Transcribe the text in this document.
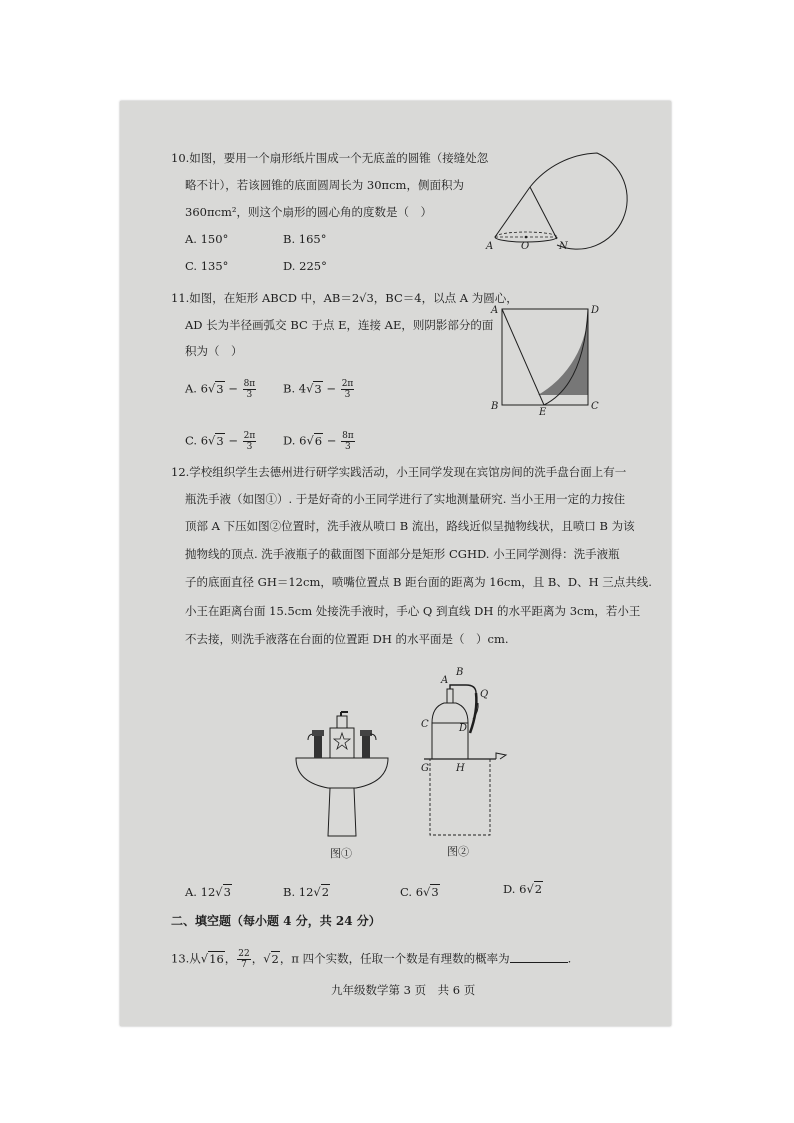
10.如图，要用一个扇形纸片围成一个无底盖的圆锥（接缝处忽
略不计），若该圆锥的底面圆周长为 30πcm，侧面积为
360πcm²，则这个扇形的圆心角的度数是（　）
A. 150°	B. 165°
C. 135°	D. 225°
A	O	N
11.如图，在矩形 ABCD 中，AB＝2√3，BC＝4，以点 A 为圆心，
AD 长为半径画弧交 BC 于点 E，连接 AE，则阴影部分的面
积为（　）
A. $6√3 - \frac{8\pi}{3} B$. $4√3 - \frac{2\pi}{3}$
C. $6√3 - \frac{2\pi}{3} D$. $6√6 - \frac{8\pi}{3}$
A	D
B
E
C
12.学校组织学生去德州进行研学实践活动，小王同学发现在宾馆房间的洗手盘台面上有一
瓶洗手液（如图①）. 于是好奇的小王同学进行了实地测量研究. 当小王用一定的力按住
顶部 A 下压如图②位置时，洗手液从喷口 B 流出，路线近似呈抛物线状，且喷口 B 为该
抛物线的顶点. 洗手液瓶子的截面图下面部分是矩形 CGHD. 小王同学测得：洗手液瓶
子的底面直径 GH＝12cm，喷嘴位置点 B 距台面的距离为 16cm，且 B、D、H 三点共线.
小王在距离台面 15.5cm 处接洗手液时，手心 Q 到直线 DH 的水平距离为 3cm，若小王
不去接，则洗手液落在台面的位置距 DH 的水平面是（　）cm.
图①
A
B
Q
C	D
G	H
图②
A. 12√3	B. 12√2	C. 6√3	D. 6√2
二、填空题（每小题 4 分，共 24 分）
13.从√16， $\frac{22}{7}$ ，√2，π 四个实数，任取一个数是有理数的概率为	.
九年级数学第 3 页　共 6 页
